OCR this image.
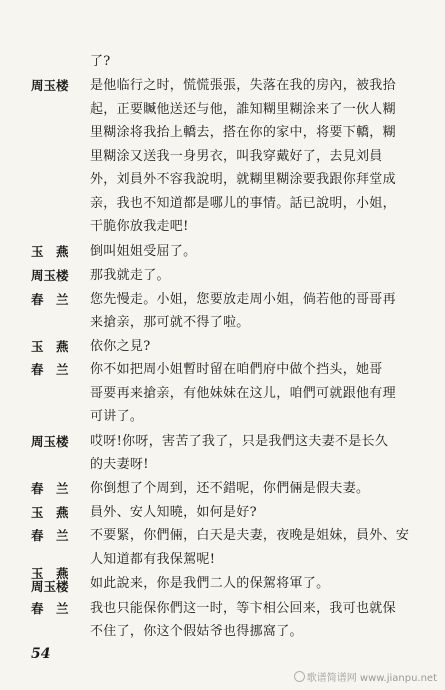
了?
周玉楼	是他临行之时，慌慌張張，失落在我的房內，被我拾
起，正要贓他送还与他，誰知糊里糊涂来了一伙人糊
里糊涂将我抬上轎去，搭在你的家中，将要下轎，糊
里糊涂又送我一身男衣，叫我穿戴好了，去見刘員
外，刘員外不容我說明，就糊里糊涂要我跟你拜堂成
亲，我也不知道都是哪儿的事情。話已說明，小姐，
干脆你放我走吧!
玉　燕	倒叫姐姐受屈了。
周玉楼	那我就走了。
春　兰	您先慢走。小姐，您要放走周小姐，倘若他的哥哥再
来搶亲，那可就不得了啦。
玉　燕	依你之見?
春　兰	你不如把周小姐暫时留在咱們府中做个挡头，她哥
哥要再来搶亲，有他妹妹在这儿，咱們可就跟他有理
可讲了。
周玉楼	哎呀!你呀，害苦了我了，只是我們这夫妻不是长久
的夫妻呀!
春　兰	你倒想了个周到，还不錯呢，你們倆是假夫妻。
玉　燕	員外、安人知曉，如何是好?
春　兰	不要緊，你們倆，白天是夫妻，夜晚是姐妹，員外、安
人知道都有我保駕呢!
玉　燕
周玉楼	如此說来，你是我們二人的保駕将軍了。
春　兰	我也只能保你們这一时，等卞相公回来，我可也就保
不住了，你这个假姑爷也得挪窩了。
54
歌谱简谱网 www.jianpu.net
